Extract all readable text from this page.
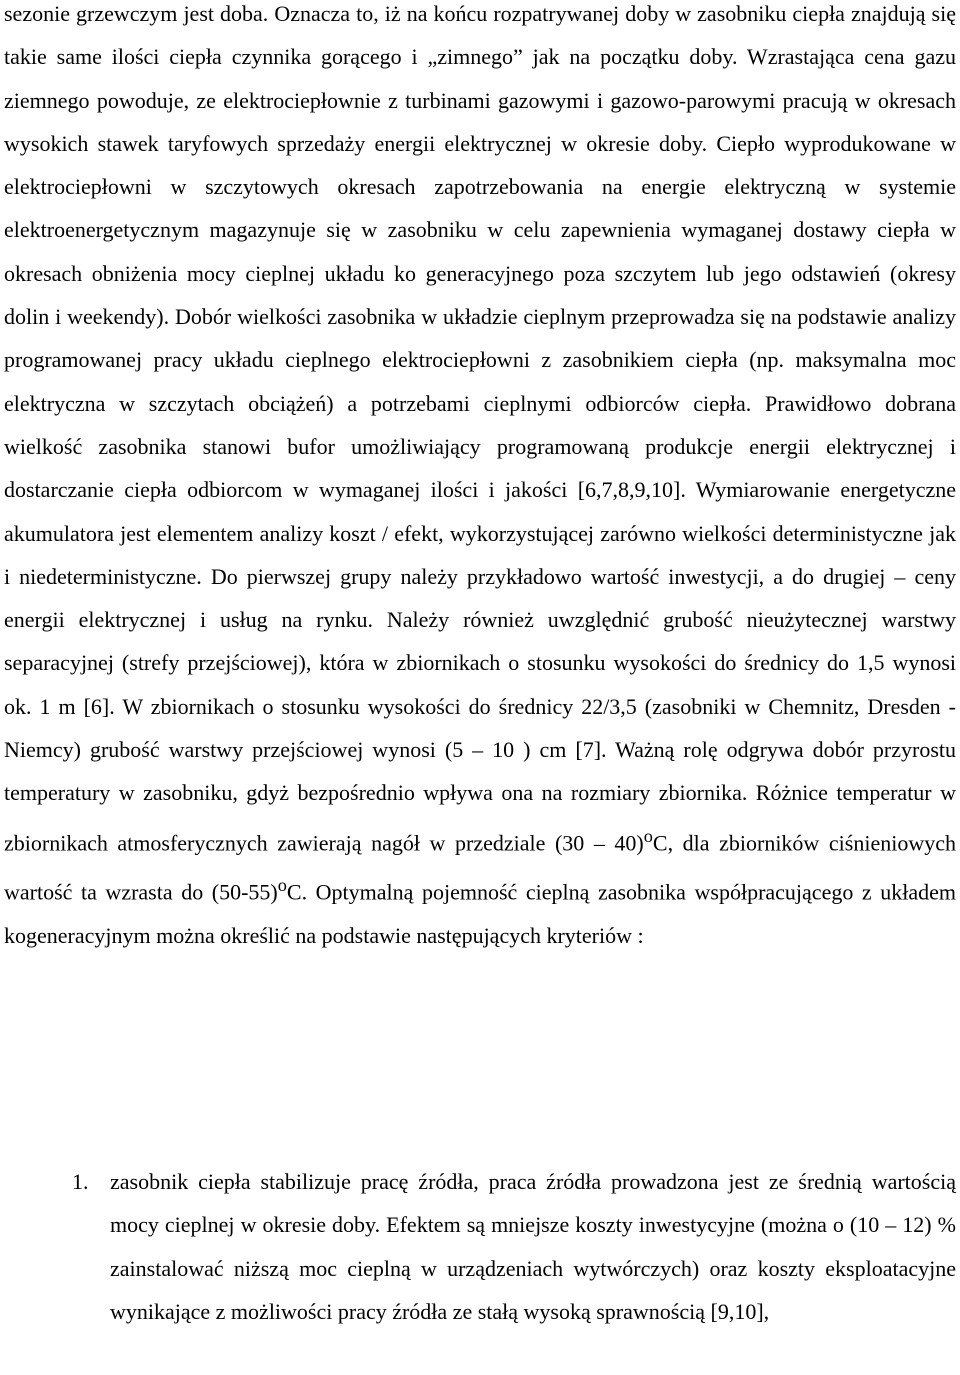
sezonie grzewczym jest doba. Oznacza to, iż na końcu rozpatrywanej doby w zasobniku ciepła znajdują się takie same ilości ciepła czynnika gorącego i „zimnego” jak na początku doby. Wzrastająca cena gazu ziemnego powoduje, ze elektrociepłownie z turbinami gazowymi i gazowo-parowymi pracują w okresach wysokich stawek taryfowych sprzedaży energii elektrycznej w okresie doby. Ciepło wyprodukowane w elektrociepłowni w szczytowych okresach zapotrzebowania na energie elektryczną w systemie elektroenergetycznym magazynuje się w zasobniku w celu zapewnienia wymaganej dostawy ciepła w okresach obniżenia mocy cieplnej układu ko generacyjnego poza szczytem lub jego odstawień (okresy dolin i weekendy). Dobór wielkości zasobnika w układzie cieplnym przeprowadza się na podstawie analizy programowanej pracy układu cieplnego elektrociepłowni z zasobnikiem ciepła (np. maksymalna moc elektryczna w szczytach obciążeń) a potrzebami cieplnymi odbiorców ciepła. Prawidłowo dobrana wielkość zasobnika stanowi bufor umożliwiający programowaną produkcje energii elektrycznej i dostarczanie ciepła odbiorcom w wymaganej ilości i jakości [6,7,8,9,10]. Wymiarowanie energetyczne akumulatora jest elementem analizy koszt / efekt, wykorzystującej zarówno wielkości deterministyczne jak i niedeterministyczne. Do pierwszej grupy należy przykładowo wartość inwestycji, a do drugiej – ceny energii elektrycznej i usług na rynku. Należy również uwzględnić grubość nieużytecznej warstwy separacyjnej (strefy przejściowej), która w zbiornikach o stosunku wysokości do średnicy do 1,5 wynosi ok. 1 m [6]. W zbiornikach o stosunku wysokości do średnicy 22/3,5 (zasobniki w Chemnitz, Dresden - Niemcy) grubość warstwy przejściowej wynosi (5 – 10 ) cm [7]. Ważną rolę odgrywa dobór przyrostu temperatury w zasobniku, gdyż bezpośrednio wpływa ona na rozmiary zbiornika. Różnice temperatur w zbiornikach atmosferycznych zawierają nagół w przedziale (30 – 40)$^o$C, dla zbiorników ciśnieniowych wartość ta wzrasta do $(50-55)^oC$. Optymalną pojemność cieplną zasobnika współpracującego z układem kogeneracyjnym można określić na podstawie następujących kryteriów :

1. zasobnik ciepła stabilizuje pracę źródła, praca źródła prowadzona jest ze średnią wartością mocy cieplnej w okresie doby. Efektem są mniejsze koszty inwestycyjne (można o (10 – 12) % zainstalować niższą moc cieplną w urządzeniach wytwórczych) oraz koszty eksploatacyjne wynikające z możliwości pracy źródła ze stałą wysoką sprawnością [9,10],
